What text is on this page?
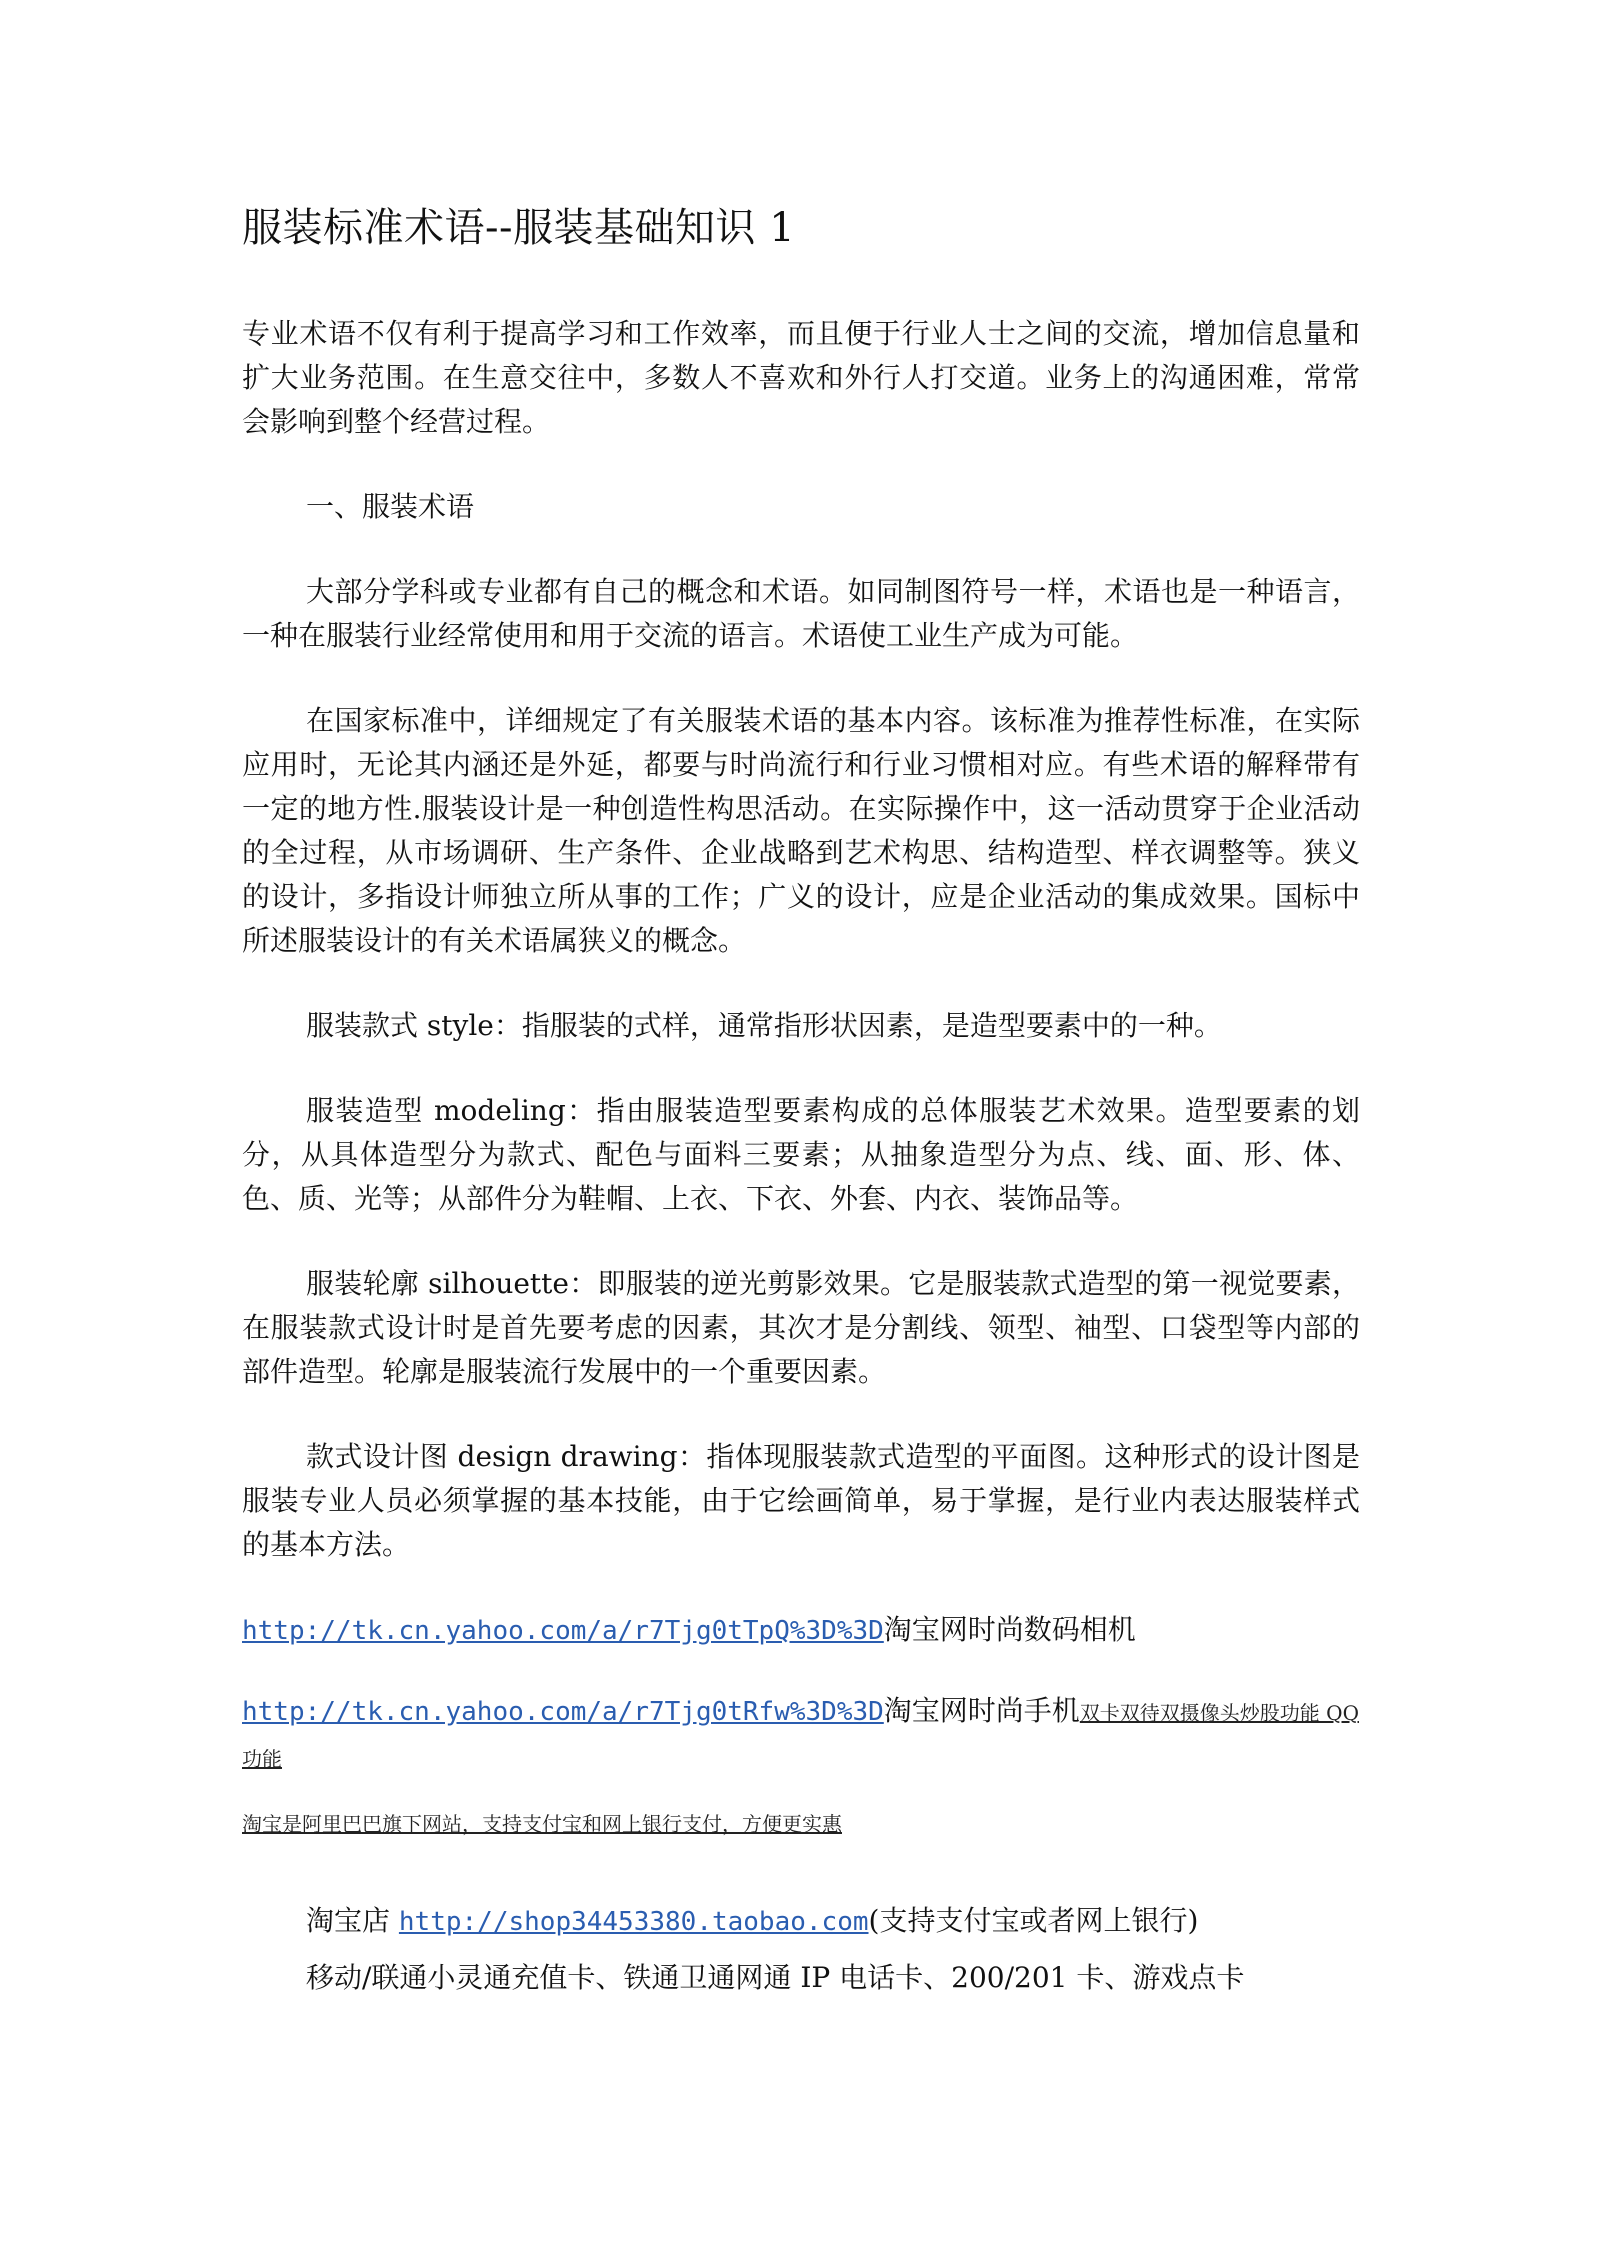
服装标准术语--服装基础知识 1

专业术语不仅有利于提高学习和工作效率，而且便于行业人士之间的交流，增加信息量和扩大业务范围。在生意交往中，多数人不喜欢和外行人打交道。业务上的沟通困难，常常会影响到整个经营过程。

一、服装术语

大部分学科或专业都有自己的概念和术语。如同制图符号一样，术语也是一种语言，一种在服装行业经常使用和用于交流的语言。术语使工业生产成为可能。

在国家标准中，详细规定了有关服装术语的基本内容。该标准为推荐性标准，在实际应用时，无论其内涵还是外延，都要与时尚流行和行业习惯相对应。有些术语的解释带有一定的地方性.服装设计是一种创造性构思活动。在实际操作中，这一活动贯穿于企业活动的全过程，从市场调研、生产条件、企业战略到艺术构思、结构造型、样衣调整等。狭义的设计，多指设计师独立所从事的工作；广义的设计，应是企业活动的集成效果。国标中所述服装设计的有关术语属狭义的概念。

服装款式 style：指服装的式样，通常指形状因素，是造型要素中的一种。

服装造型 modeling：指由服装造型要素构成的总体服装艺术效果。造型要素的划分，从具体造型分为款式、配色与面料三要素；从抽象造型分为点、线、面、形、体、色、质、光等；从部件分为鞋帽、上衣、下衣、外套、内衣、装饰品等。

服装轮廓 silhouette：即服装的逆光剪影效果。它是服装款式造型的第一视觉要素，在服装款式设计时是首先要考虑的因素，其次才是分割线、领型、袖型、口袋型等内部的部件造型。轮廓是服装流行发展中的一个重要因素。

款式设计图 design drawing：指体现服装款式造型的平面图。这种形式的设计图是服装专业人员必须掌握的基本技能，由于它绘画简单，易于掌握，是行业内表达服装样式的基本方法。

http://tk.cn.yahoo.com/a/r7Tjg0tTpQ%3D%3D淘宝网时尚数码相机
http://tk.cn.yahoo.com/a/r7Tjg0tRfw%3D%3D淘宝网时尚手机双卡双待双摄像头炒股功能 QQ 功能
淘宝是阿里巴巴旗下网站，支持支付宝和网上银行支付，方便更实惠
淘宝店 http://shop34453380.taobao.com(支持支付宝或者网上银行)
移动/联通小灵通充值卡、铁通卫通网通 IP 电话卡、200/201 卡、游戏点卡
